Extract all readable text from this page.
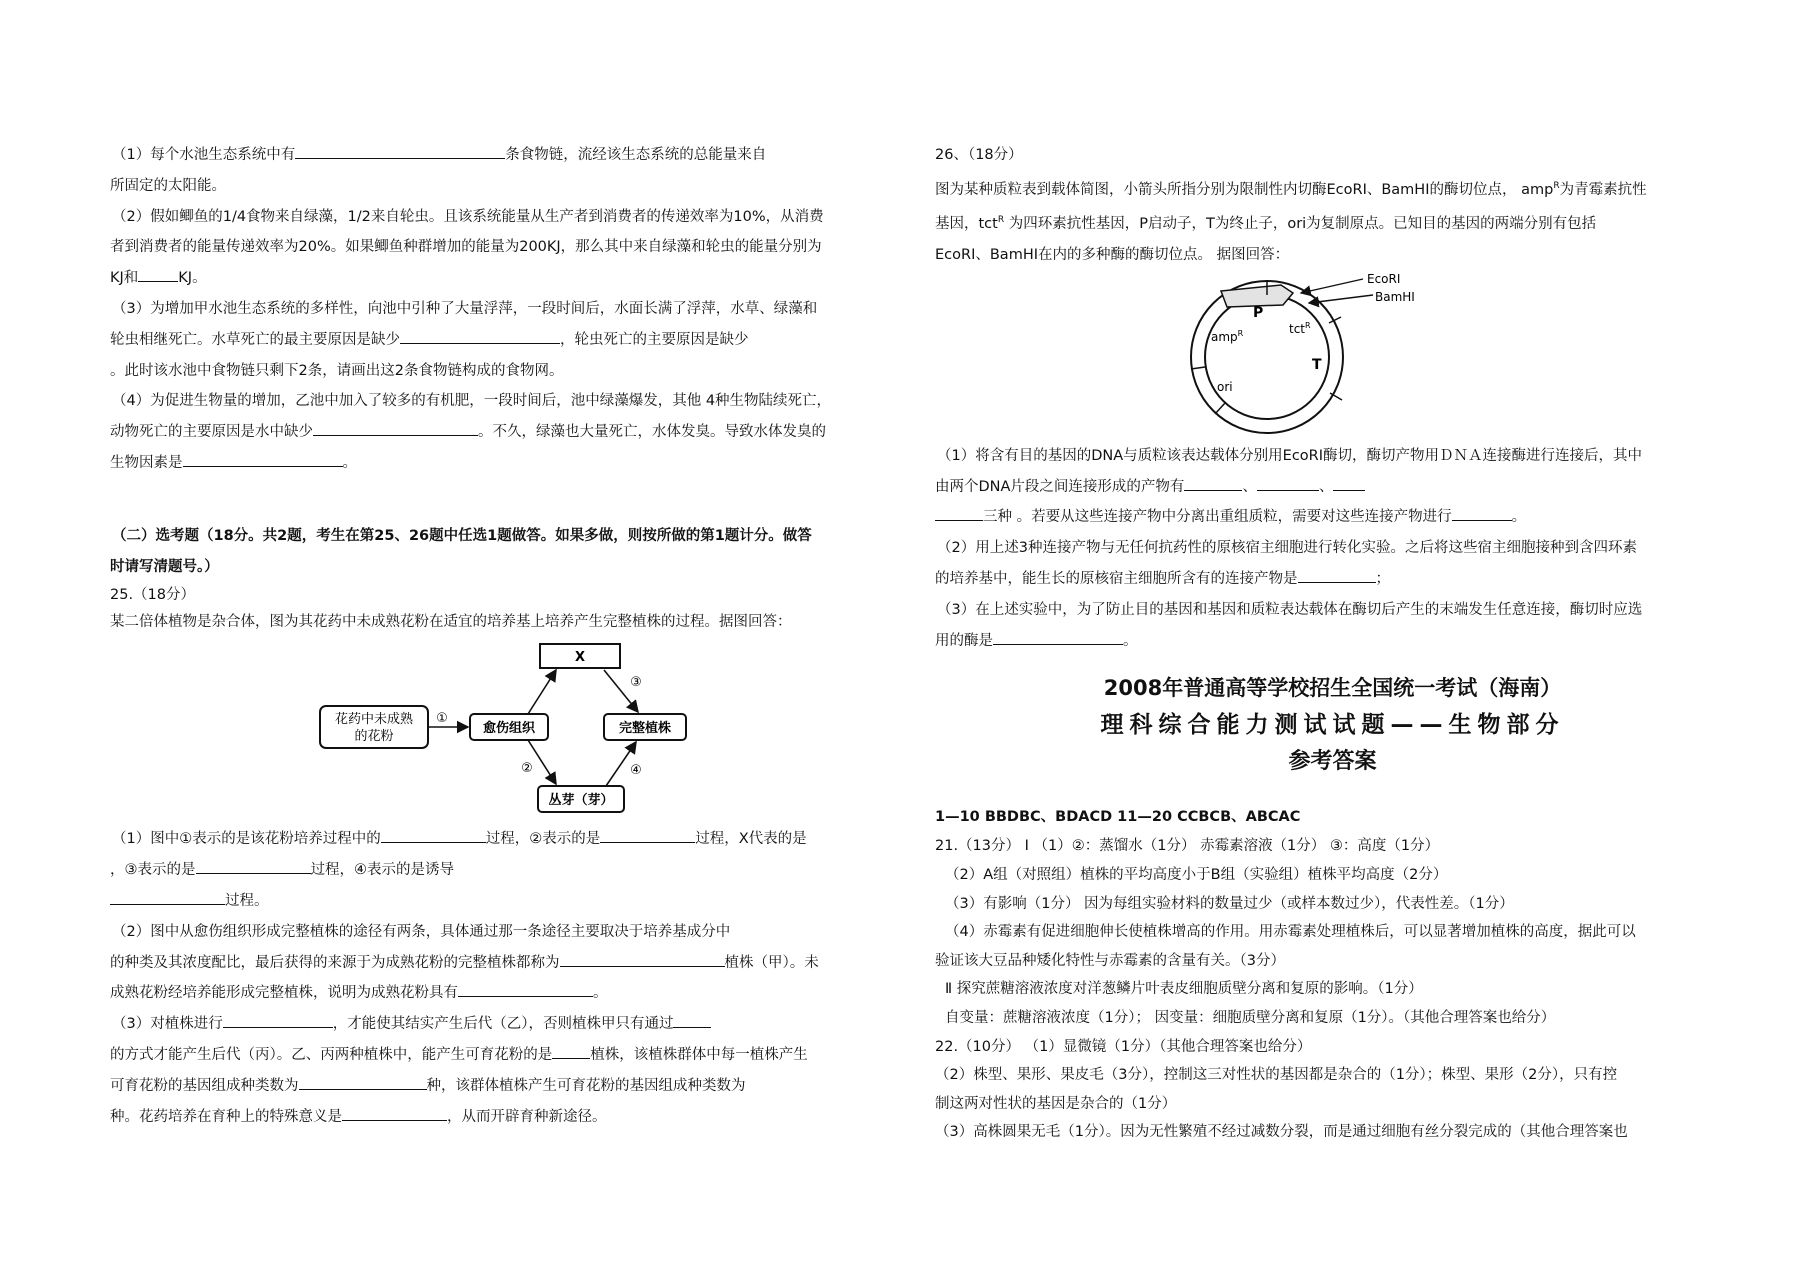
（1）每个水池生态系统中有	条食物链，流经该生态系统的总能量来自
所固定的太阳能。
（2）假如鲫鱼的1/4食物来自绿藻，1/2来自轮虫。且该系统能量从生产者到消费者的传递效率为10%，从消费
者到消费者的能量传递效率为20%。如果鲫鱼种群增加的能量为200KJ，那么其中来自绿藻和轮虫的能量分别为
KJ和	KJ。
（3）为增加甲水池生态系统的多样性，向池中引种了大量浮萍，一段时间后，水面长满了浮萍，水草、绿藻和
轮虫相继死亡。水草死亡的最主要原因是缺少	，轮虫死亡的主要原因是缺少
。此时该水池中食物链只剩下2条，请画出这2条食物链构成的食物网。
（4）为促进生物量的增加，乙池中加入了较多的有机肥，一段时间后，池中绿藻爆发，其他 4种生物陆续死亡，
动物死亡的主要原因是水中缺少	。不久，绿藻也大量死亡，水体发臭。导致水体发臭的
生物因素是	。
（二）选考题（18分。共2题，考生在第25、26题中任选1题做答。如果多做，则按所做的第1题计分。做答
时请写清题号。）
25.（18分）
某二倍体植物是杂合体，图为其花药中未成熟花粉在适宜的培养基上培养产生完整植株的过程。据图回答：
花药中未成熟
的花粉
愈伤组织
X
完整植株
丛芽（芽）
①
②
③
④
（1）图中①表示的是该花粉培养过程中的	过程，②表示的是	过程，X代表的是
，③表示的是	过程，④表示的是诱导
过程。
（2）图中从愈伤组织形成完整植株的途径有两条，具体通过那一条途径主要取决于培养基成分中
的种类及其浓度配比，最后获得的来源于为成熟花粉的完整植株都称为	植株（甲）。未
成熟花粉经培养能形成完整植株，说明为成熟花粉具有	。
（3）对植株进行	，才能使其结实产生后代（乙），否则植株甲只有通过
的方式才能产生后代（丙）。乙、丙两种植株中，能产生可育花粉的是	植株，该植株群体中每一植株产生
可育花粉的基因组成种类数为	种，该群体植株产生可育花粉的基因组成种类数为
种。花药培养在育种上的特殊意义是	，从而开辟育种新途径。
26、（18分）
图为某种质粒表到载体简图，小箭头所指分别为限制性内切酶EcoRI、BamHI的酶切位点， amp$^R$为青霉素抗性
基因，tct$^R$ 为四环素抗性基因，P启动子，T为终止子，ori为复制原点。已知目的基因的两端分别有包括
EcoRI、BamHI在内的多种酶的酶切位点。 据图回答：
EcoRI
BamHI
P
tct$^R$
amp$^R$
T
ori
（1）将含有目的基因的DNA与质粒该表达载体分别用EcoRI酶切，酶切产物用ＤＮＡ连接酶进行连接后，其中
由两个DNA片段之间连接形成的产物有	、	、
三种 。若要从这些连接产物中分离出重组质粒，需要对这些连接产物进行	。
（2）用上述3种连接产物与无任何抗药性的原核宿主细胞进行转化实验。之后将这些宿主细胞接种到含四环素
的培养基中，能生长的原核宿主细胞所含有的连接产物是	；
（3）在上述实验中，为了防止目的基因和基因和质粒表达载体在酶切后产生的末端发生任意连接，酶切时应选
用的酶是	。
2008年普通高等学校招生全国统一考试（海南）
理科综合能力测试试题——生物部分
参考答案
1—10 BBDBC、BDACD 11—20 CCBCB、ABCAC
21.（13分） Ⅰ （1）②：蒸馏水（1分） 赤霉素溶液（1分） ③：高度（1分）
（2）A组（对照组）植株的平均高度小于B组（实验组）植株平均高度（2分）
（3）有影响（1分） 因为每组实验材料的数量过少（或样本数过少），代表性差。（1分）
（4）赤霉素有促进细胞伸长使植株增高的作用。用赤霉素处理植株后，可以显著增加植株的高度，据此可以
验证该大豆品种矮化特性与赤霉素的含量有关。（3分）
Ⅱ 探究蔗糖溶液浓度对洋葱鳞片叶表皮细胞质壁分离和复原的影响。（1分）
自变量：蔗糖溶液浓度（1分）； 因变量：细胞质壁分离和复原（1分）。（其他合理答案也给分）
22.（10分） （1）显微镜（1分）（其他合理答案也给分）
（2）株型、果形、果皮毛（3分），控制这三对性状的基因都是杂合的（1分）；株型、果形（2分），只有控
制这两对性状的基因是杂合的（1分）
（3）高株圆果无毛（1分）。因为无性繁殖不经过减数分裂，而是通过细胞有丝分裂完成的（其他合理答案也
